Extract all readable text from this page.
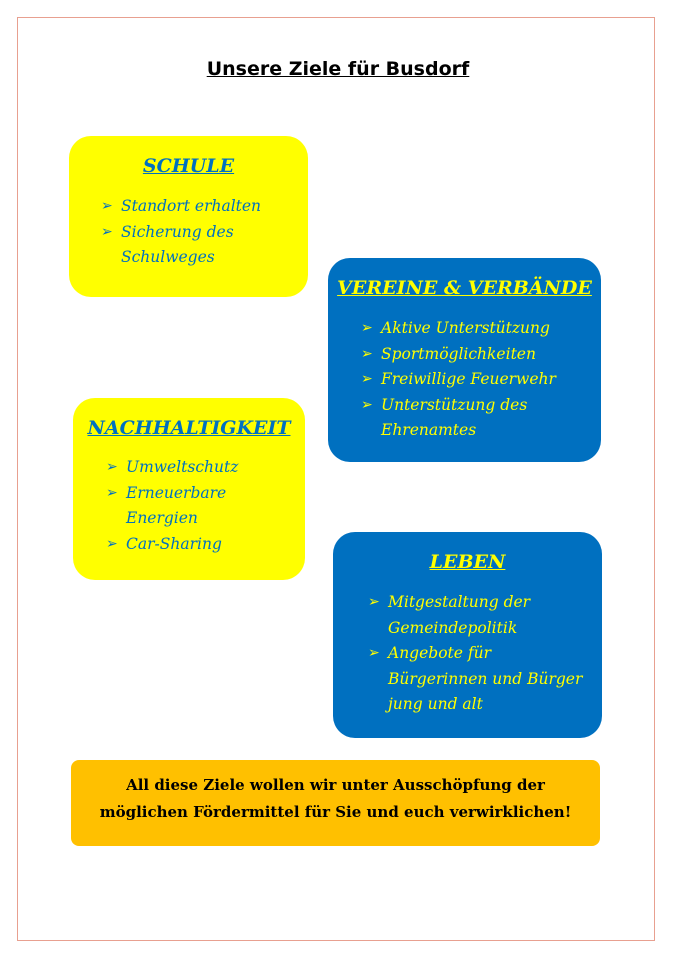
Unsere Ziele für Busdorf
SCHULE
➢ Standort erhalten
➢ Sicherung des
Schulweges
VEREINE & VERBÄNDE
➢ Aktive Unterstützung
➢ Sportmöglichkeiten
➢ Freiwillige Feuerwehr
➢ Unterstützung des
Ehrenamtes
NACHHALTIGKEIT
➢ Umweltschutz
➢ Erneuerbare
Energien
➢ Car-Sharing
LEBEN
➢ Mitgestaltung der
Gemeindepolitik
➢ Angebote für
Bürgerinnen und Bürger
jung und alt
All diese Ziele wollen wir unter Ausschöpfung der
möglichen Fördermittel für Sie und euch verwirklichen!
